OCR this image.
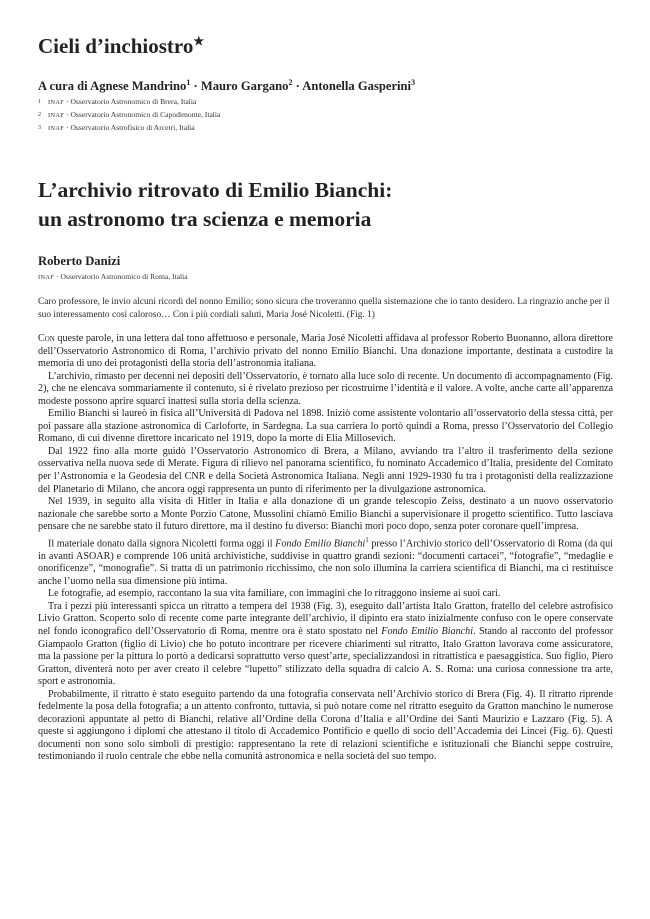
Cieli d’inchiostro★
A cura di Agnese Mandrino$^1$ · Mauro Gargano$^2$ · Antonella Gasperini$^3$
1 INAF · Osservatorio Astronomico di Brera, Italia
2 INAF · Osservatorio Astronomico di Capodimonte, Italia
3 INAF · Osservatorio Astrofisico di Arcetri, Italia
L’archivio ritrovato di Emilio Bianchi:
un astronomo tra scienza e memoria
Roberto Danizi
INAF · Osservatorio Astronomico di Roma, Italia
Caro professore, le invio alcuni ricordi del nonno Emilio; sono sicura che troveranno quella sistemazione che io tanto desidero. La ringrazio anche per il suo interessamento così caloroso… Con i più cordiali saluti, Maria José Nicoletti. (Fig. 1)

Con queste parole, in una lettera dal tono affettuoso e personale, Maria José Nicoletti affidava al professor Roberto Buonanno, allora direttore dell’Osservatorio Astronomico di Roma, l’archivio privato del nonno Emilio Bianchi. Una donazione importante, destinata a custodire la memoria di uno dei protagonisti della storia dell’astronomia italiana.

L’archivio, rimasto per decenni nei depositi dell’Osservatorio, è tornato alla luce solo di recente. Un documento di accompagnamento (Fig. 2), che ne elencava sommariamente il contenuto, si è rivelato prezioso per ricostruirne l’identità e il valore. A volte, anche carte all’apparenza modeste possono aprire squarci inattesi sulla storia della scienza.

Emilio Bianchi si laureò in fisica all’Università di Padova nel 1898. Iniziò come assistente volontario all’osservatorio della stessa città, per poi passare alla stazione astronomica di Carloforte, in Sardegna. La sua carriera lo portò quindi a Roma, presso l’Osservatorio del Collegio Romano, di cui divenne direttore incaricato nel 1919, dopo la morte di Elia Millosevich.

Dal 1922 fino alla morte guidò l’Osservatorio Astronomico di Brera, a Milano, avviando tra l’altro il trasferimento della sezione osservativa nella nuova sede di Merate. Figura di rilievo nel panorama scientifico, fu nominato Accademico d’Italia, presidente del Comitato per l’Astronomia e la Geodesia del CNR e della Società Astronomica Italiana. Negli anni 1929-1930 fu tra i protagonisti della realizzazione del Planetario di Milano, che ancora oggi rappresenta un punto di riferimento per la divulgazione astronomica.

Nel 1939, in seguito alla visita di Hitler in Italia e alla donazione di un grande telescopio Zeiss, destinato a un nuovo osservatorio nazionale che sarebbe sorto a Monte Porzio Catone, Mussolini chiamò Emilio Bianchi a supervisionare il progetto scientifico. Tutto lasciava pensare che ne sarebbe stato il futuro direttore, ma il destino fu diverso: Bianchi morì poco dopo, senza poter coronare quell’impresa.

Il materiale donato dalla signora Nicoletti forma oggi il Fondo Emilio Bianchi$^1$ presso l’Archivio storico dell’Osservatorio di Roma (da qui in avanti ASOAR) e comprende 106 unità archivistiche, suddivise in quattro grandi sezioni: “documenti cartacei”, “fotografie”, “medaglie e onorificenze”, “monografie”. Si tratta di un patrimonio ricchissimo, che non solo illumina la carriera scientifica di Bianchi, ma ci restituisce anche l’uomo nella sua dimensione più intima.

Le fotografie, ad esempio, raccontano la sua vita familiare, con immagini che lo ritraggono insieme ai suoi cari.

Tra i pezzi più interessanti spicca un ritratto a tempera del 1938 (Fig. 3), eseguito dall’artista Italo Gratton, fratello del celebre astrofisico Livio Gratton. Scoperto solo di recente come parte integrante dell’archivio, il dipinto era stato inizialmente confuso con le opere conservate nel fondo iconografico dell’Osservatorio di Roma, mentre ora è stato spostato nel Fondo Emilio Bianchi. Stando al racconto del professor Giampaolo Gratton (figlio di Livio) che ho potuto incontrare per ricevere chiarimenti sul ritratto, Italo Gratton lavorava come assicuratore, ma la passione per la pittura lo portò a dedicarsi soprattutto verso quest’arte, specializzandosi in ritrattistica e paesaggistica. Suo figlio, Piero Gratton, diventerà noto per aver creato il celebre “lupetto” stilizzato della squadra di calcio A. S. Roma: una curiosa connessione tra arte, sport e astronomia.

Probabilmente, il ritratto è stato eseguito partendo da una fotografia conservata nell’Archivio storico di Brera (Fig. 4). Il ritratto riprende fedelmente la posa della fotografia; a un attento confronto, tuttavia, si può notare come nel ritratto eseguito da Gratton manchino le numerose decorazioni appuntate al petto di Bianchi, relative all’Ordine della Corona d’Italia e all’Ordine dei Santi Maurizio e Lazzaro (Fig. 5). A queste si aggiungono i diplomi che attestano il titolo di Accademico Pontificio e quello di socio dell’Accademia dei Lincei (Fig. 6). Questi documenti non sono solo simboli di prestigio: rappresentano la rete di relazioni scientifiche e istituzionali che Bianchi seppe costruire, testimoniando il ruolo centrale che ebbe nella comunità astronomica e nella società del suo tempo.
